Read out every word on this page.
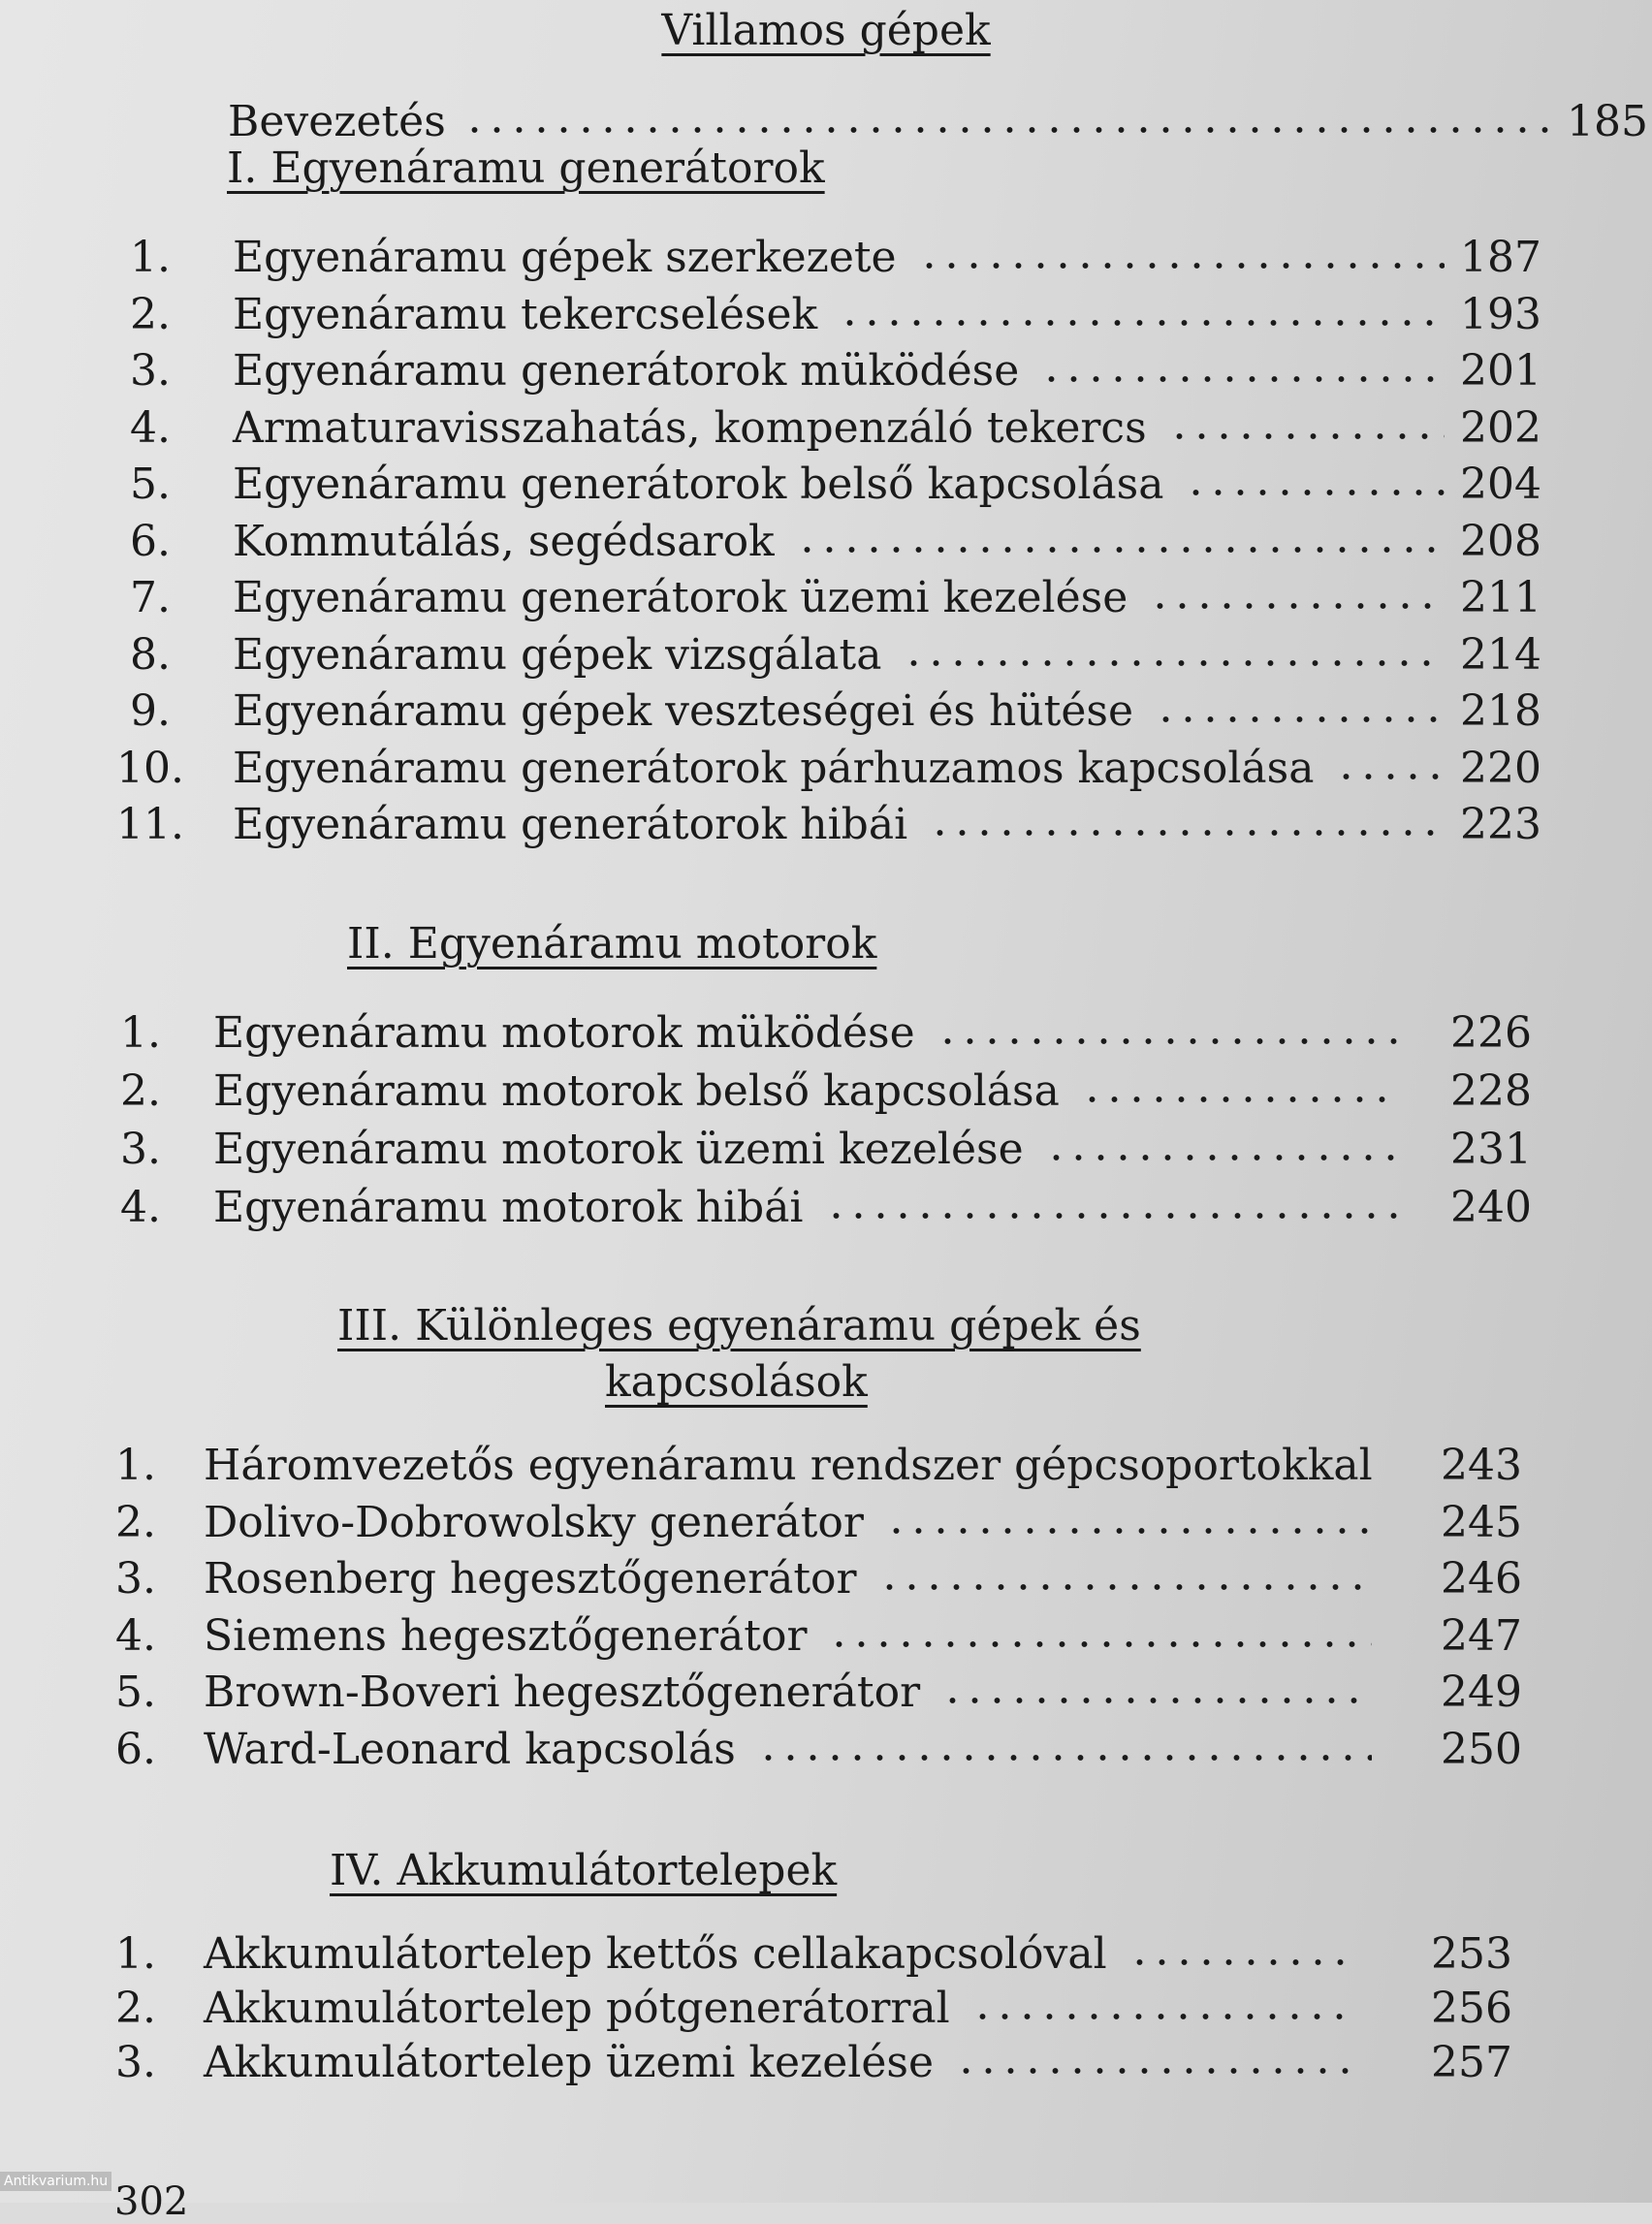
Villamos gépek
Bevezetés	185
I. Egyenáramu generátorok
1.	Egyenáramu gépek szerkezete	187
2.	Egyenáramu tekercselések	193
3.	Egyenáramu generátorok müködése	201
4.	Armaturavisszahatás, kompenzáló tekercs	202
5.	Egyenáramu generátorok belső kapcsolása	204
6.	Kommutálás, segédsarok	208
7.	Egyenáramu generátorok üzemi kezelése	211
8.	Egyenáramu gépek vizsgálata	214
9.	Egyenáramu gépek veszteségei és hütése	218
10.	Egyenáramu generátorok párhuzamos kapcsolása	220
11.	Egyenáramu generátorok hibái	223
II. Egyenáramu motorok
1.	Egyenáramu motorok müködése	226
2.	Egyenáramu motorok belső kapcsolása	228
3.	Egyenáramu motorok üzemi kezelése	231
4.	Egyenáramu motorok hibái	240
III. Különleges egyenáramu gépek és
kapcsolások
1.	Háromvezetős egyenáramu rendszer gépcsoportokkal	243
2.	Dolivo-Dobrowolsky generátor	245
3.	Rosenberg hegesztőgenerátor	246
4.	Siemens hegesztőgenerátor	247
5.	Brown-Boveri hegesztőgenerátor	249
6.	Ward-Leonard kapcsolás	250
IV. Akkumulátortelepek
1.	Akkumulátortelep kettős cellakapcsolóval	253
2.	Akkumulátortelep pótgenerátorral	256
3.	Akkumulátortelep üzemi kezelése	257
302
Antikvarium.hu
